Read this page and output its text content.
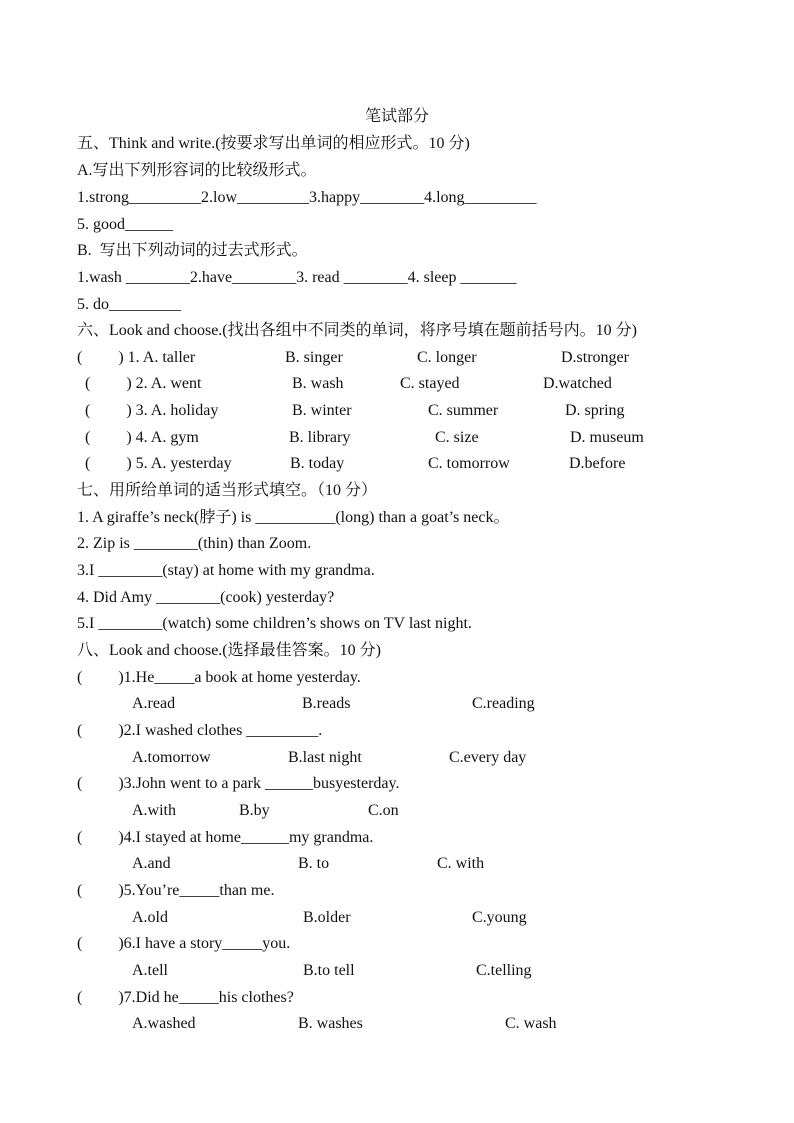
笔试部分
五、Think and write.(按要求写出单词的相应形式。10 分)
A.写出下列形容词的比较级形式。
1.strong_________2.low_________3.happy________4.long_________
5. good______
B.  写出下列动词的过去式形式。
1.wash ________2.have________3. read ________4. sleep _______
5. do_________
六、Look and choose.(找出各组中不同类的单词，将序号填在题前括号内。10 分)
(         ) 1. A. taller	B. singer	C. longer	D.stronger
(         ) 2. A. went	B. wash	C. stayed	D.watched
(         ) 3. A. holiday	B. winter	C. summer	D. spring
(         ) 4. A. gym	B. library	C. size	D. museum
(         ) 5. A. yesterday	B. today	C. tomorrow	D.before
七、用所给单词的适当形式填空。（10 分）
1. A giraffe’s neck(脖子) is __________(long) than a goat’s neck。
2. Zip is ________(thin) than Zoom.
3.I ________(stay) at home with my grandma.
4. Did Amy ________(cook) yesterday?
5.I ________(watch) some children’s shows on TV last night.
八、Look and choose.(选择最佳答案。10 分)
(         )1.He_____a book at home yesterday.
A.read	B.reads	C.reading
(         )2.I washed clothes _________.
A.tomorrow	B.last night	C.every day
(         )3.John went to a park ______busyesterday.
A.with	B.by	C.on
(         )4.I stayed at home______my grandma.
A.and	B. to	C. with
(         )5.You’re_____than me.
A.old	B.older	C.young
(         )6.I have a story_____you.
A.tell	B.to tell	C.telling
(         )7.Did he_____his clothes?
A.washed	B. washes	C. wash
